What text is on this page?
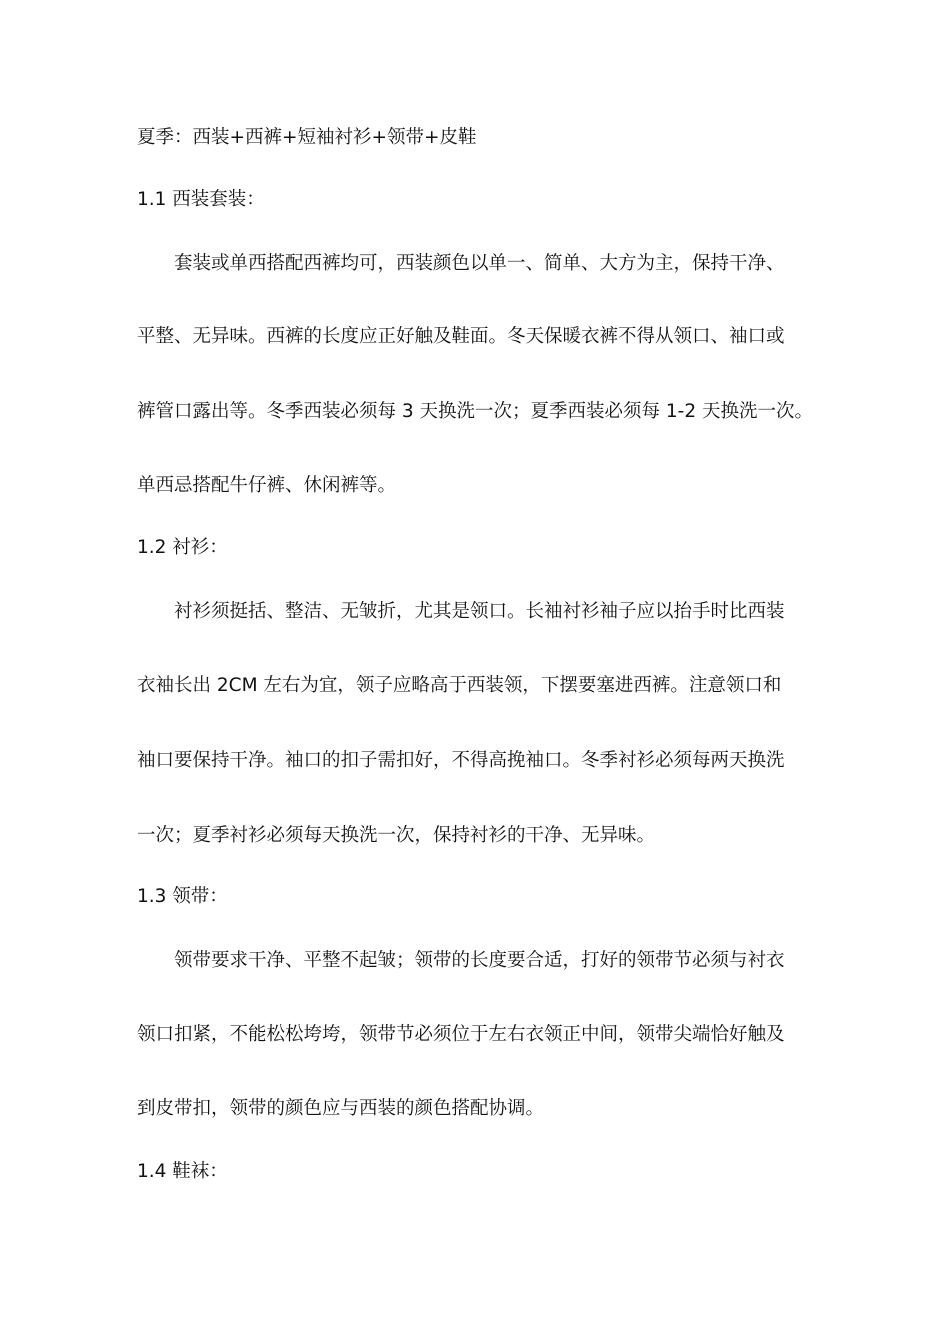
夏季：西装+西裤+短袖衬衫+领带+皮鞋
1.1 西装套装：
套装或单西搭配西裤均可，西装颜色以单一、简单、大方为主，保持干净、
平整、无异味。西裤的长度应正好触及鞋面。冬天保暖衣裤不得从领口、袖口或
裤管口露出等。冬季西装必须每 3 天换洗一次；夏季西装必须每 1-2 天换洗一次。
单西忌搭配牛仔裤、休闲裤等。
1.2 衬衫：
衬衫须挺括、整洁、无皱折，尤其是领口。长袖衬衫袖子应以抬手时比西装
衣袖长出 2CM 左右为宜，领子应略高于西装领，下摆要塞进西裤。注意领口和
袖口要保持干净。袖口的扣子需扣好，不得高挽袖口。冬季衬衫必须每两天换洗
一次；夏季衬衫必须每天换洗一次，保持衬衫的干净、无异味。
1.3 领带：
领带要求干净、平整不起皱；领带的长度要合适，打好的领带节必须与衬衣
领口扣紧，不能松松垮垮，领带节必须位于左右衣领正中间，领带尖端恰好触及
到皮带扣，领带的颜色应与西装的颜色搭配协调。
1.4 鞋袜：
